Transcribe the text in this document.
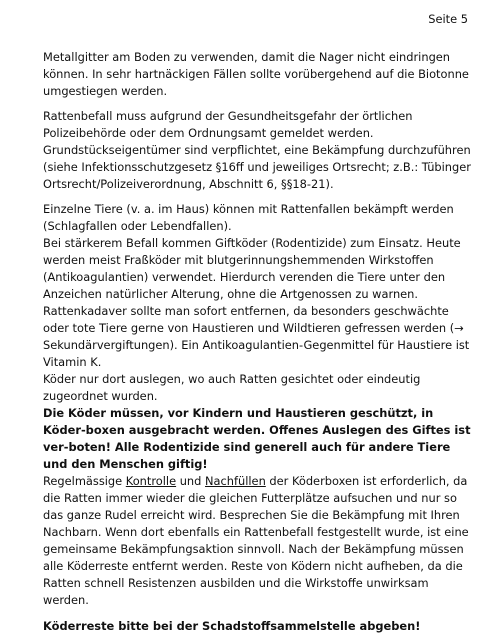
Seite 5

Metallgitter am Boden zu verwenden, damit die Nager nicht eindringen können. In sehr hartnäckigen Fällen sollte vorübergehend auf die Biotonne umgestiegen werden.

Rattenbefall muss aufgrund der Gesundheitsgefahr der örtlichen Polizeibehörde oder dem Ordnungsamt gemeldet werden.

Grundstückseigentümer sind verpflichtet, eine Bekämpfung durchzuführen (siehe Infektionsschutzgesetz §16ff und jeweiliges Ortsrecht; z.B.: Tübinger Ortsrecht/Polizeiverordnung, Abschnitt 6, §§18-21).

Einzelne Tiere (v. a. im Haus) können mit Rattenfallen bekämpft werden (Schlagfallen oder Lebendfallen).

Bei stärkerem Befall kommen Giftköder (Rodentizide) zum Einsatz. Heute werden meist Fraßköder mit blutgerinnungshemmenden Wirkstoffen (Antikoagulantien) verwendet. Hierdurch verenden die Tiere unter den Anzeichen natürlicher Alterung, ohne die Artgenossen zu warnen. Rattenkadaver sollte man sofort entfernen, da besonders geschwächte oder tote Tiere gerne von Haustieren und Wildtieren gefressen werden (→ Sekundärvergiftungen). Ein Antikoagulantien-Gegenmittel für Haustiere ist Vitamin K.

Köder nur dort auslegen, wo auch Ratten gesichtet oder eindeutig zugeordnet wurden.

Die Köder müssen, vor Kindern und Haustieren geschützt, in Köder-boxen ausgebracht werden. Offenes Auslegen des Giftes ist ver-boten! Alle Rodentizide sind generell auch für andere Tiere und den Menschen giftig!

Regelmässige Kontrolle und Nachfüllen der Köderboxen ist erforderlich, da die Ratten immer wieder die gleichen Futterplätze aufsuchen und nur so das ganze Rudel erreicht wird. Besprechen Sie die Bekämpfung mit Ihren Nachbarn. Wenn dort ebenfalls ein Rattenbefall festgestellt wurde, ist eine gemeinsame Bekämpfungsaktion sinnvoll. Nach der Bekämpfung müssen alle Köderreste entfernt werden. Reste von Ködern nicht aufheben, da die Ratten schnell Resistenzen ausbilden und die Wirkstoffe unwirksam werden.

Köderreste bitte bei der Schadstoffsammelstelle abgeben!
